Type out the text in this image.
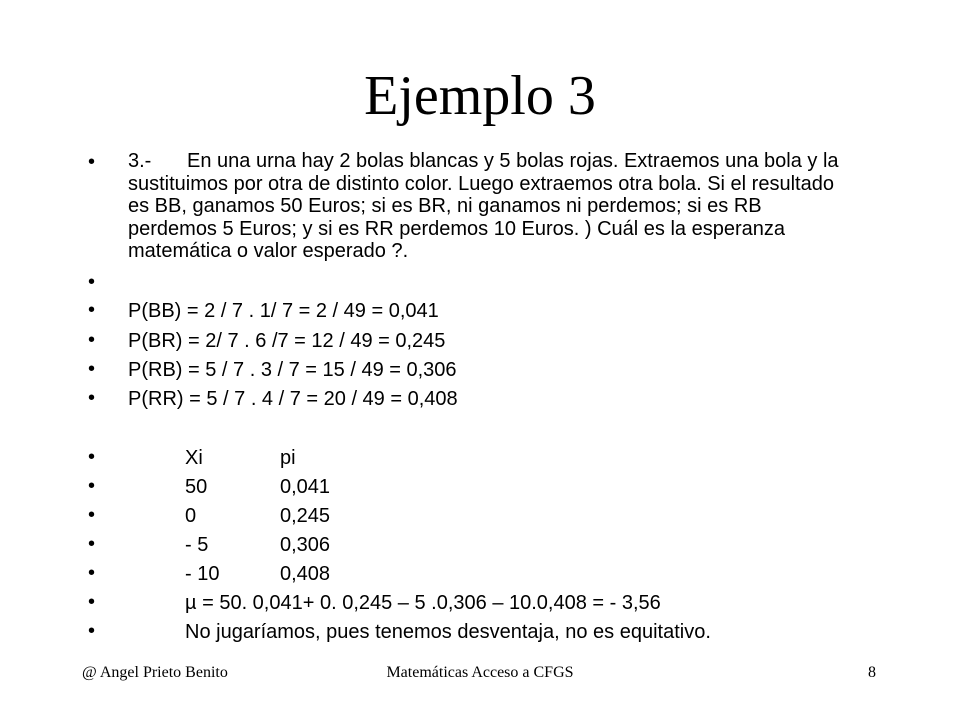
Ejemplo 3
•
•
•
•
•
•
•
•
•
•
•
•
•
3.- En una urna hay 2 bolas blancas y 5 bolas rojas. Extraemos una bola y la sustituimos por otra de distinto color. Luego extraemos otra bola. Si el resultado es BB, ganamos 50 Euros; si es BR, ni ganamos ni perdemos; si es RB perdemos 5 Euros; y si es RR perdemos 10 Euros. ) Cuál es la esperanza matemática o valor esperado ?.
P(BB) = 2 / 7 . 1/ 7 = 2 / 49 = 0,041
P(BR) = 2/ 7 . 6 /7 = 12 / 49 = 0,245
P(RB) = 5 / 7 . 3 / 7 = 15 / 49 = 0,306
P(RR) = 5 / 7 . 4 / 7 = 20 / 49 = 0,408
Xi	pi
50	0,041
0	0,245
- 5	0,306
- 10	0,408
µ = 50. 0,041+ 0. 0,245 – 5 .0,306 – 10.0,408 = - 3,56
No jugaríamos, pues tenemos desventaja, no es equitativo.
@ Angel Prieto Benito	Matemáticas Acceso a CFGS	8
